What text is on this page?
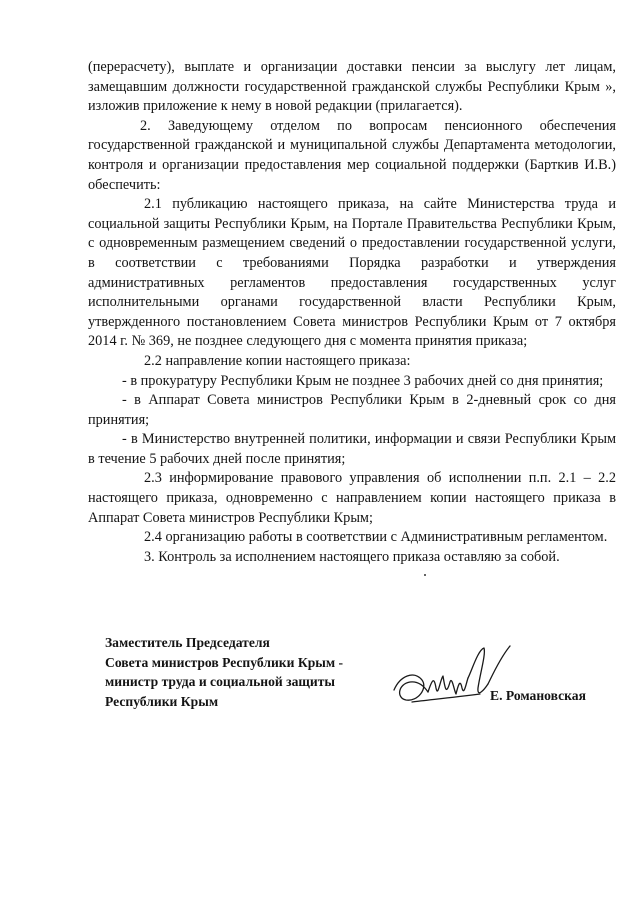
(перерасчету), выплате и организации доставки пенсии за выслугу лет лицам, замещавшим должности государственной гражданской службы Республики Крым », изложив приложение к нему в новой редакции (прилагается).

2. Заведующему отделом по вопросам пенсионного обеспечения государственной гражданской и муниципальной службы Департамента методологии, контроля и организации предоставления мер социальной поддержки (Барткив И.В.) обеспечить:

2.1 публикацию настоящего приказа, на сайте Министерства труда и социальной защиты Республики Крым, на Портале Правительства Республики Крым, с одновременным размещением сведений о предоставлении государственной услуги, в соответствии с требованиями Порядка разработки и утверждения административных регламентов предоставления государственных услуг исполнительными органами государственной власти Республики Крым, утвержденного постановлением Совета министров Республики Крым от 7 октября 2014 г. № 369, не позднее следующего дня с момента принятия приказа;

2.2 направление копии настоящего приказа:

- в прокуратуру Республики Крым не позднее 3 рабочих дней со дня принятия;

- в Аппарат Совета министров Республики Крым в 2-дневный срок со дня принятия;

- в Министерство внутренней политики, информации и связи Республики Крым в течение 5 рабочих дней после принятия;

2.3 информирование правового управления об исполнении п.п. 2.1 – 2.2 настоящего приказа, одновременно с направлением копии настоящего приказа в Аппарат Совета министров Республики Крым;

2.4 организацию работы в соответствии с Административным регламентом.

3. Контроль за исполнением настоящего приказа оставляю за собой.

Заместитель Председателя
Совета министров Республики Крым -
министр труда и социальной защиты
Республики Крым	Е. Романовская
